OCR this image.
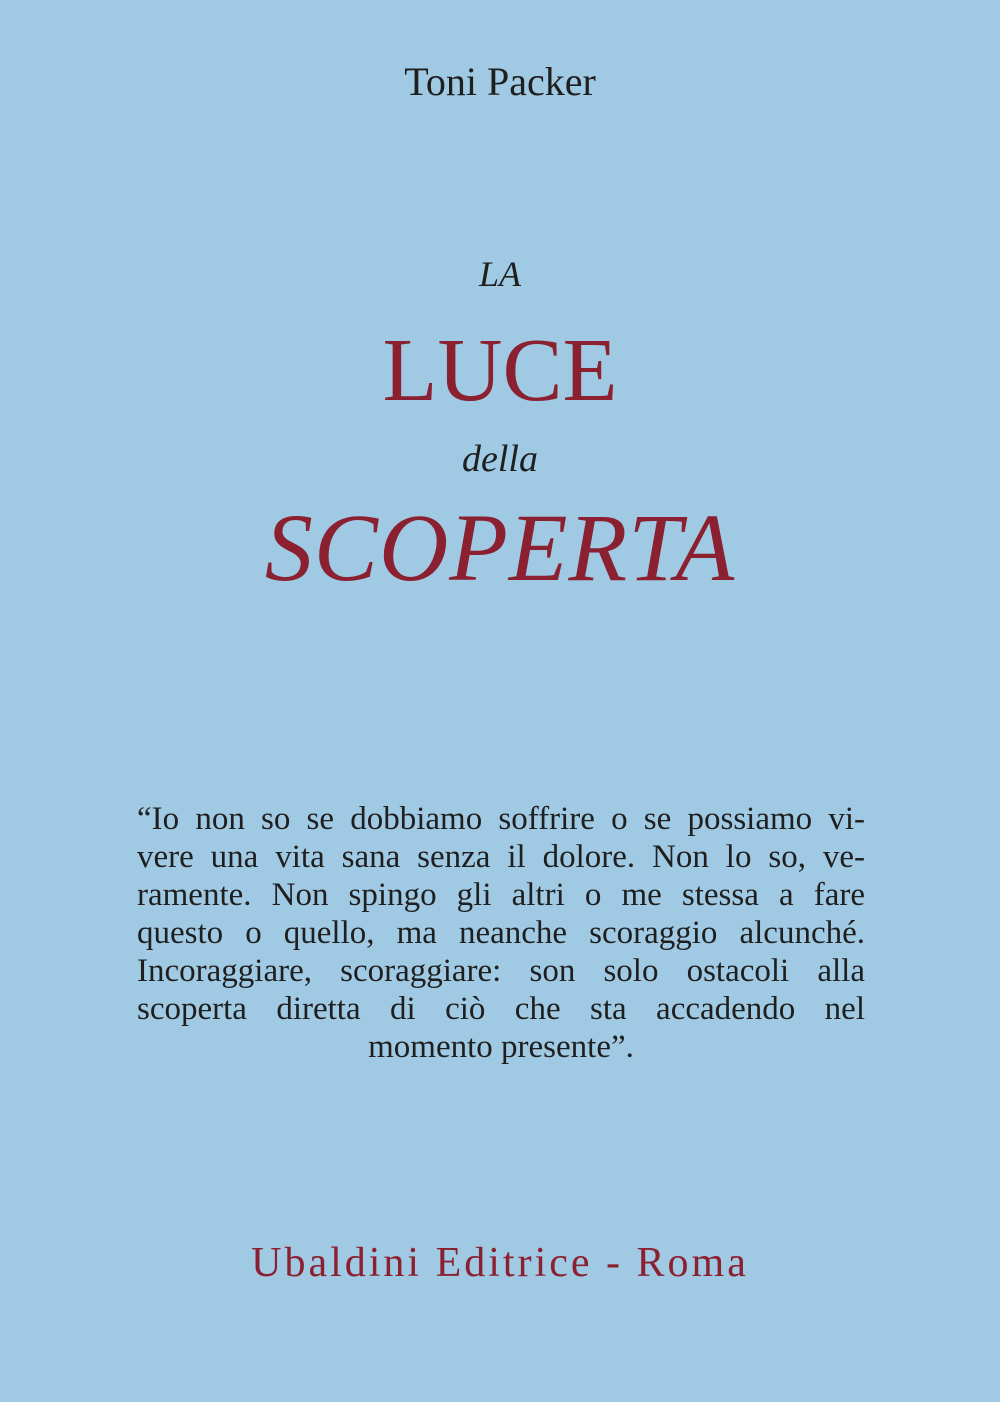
Toni Packer
LA
LUCE
della
SCOPERTA
“Io non so se dobbiamo soffrire o se possiamo vi-
vere una vita sana senza il dolore. Non lo so, ve-
ramente. Non spingo gli altri o me stessa a fare
questo o quello, ma neanche scoraggio alcunché.
Incoraggiare, scoraggiare: son solo ostacoli alla
scoperta diretta di ciò che sta accadendo nel
momento presente”.
Ubaldini Editrice - Roma
